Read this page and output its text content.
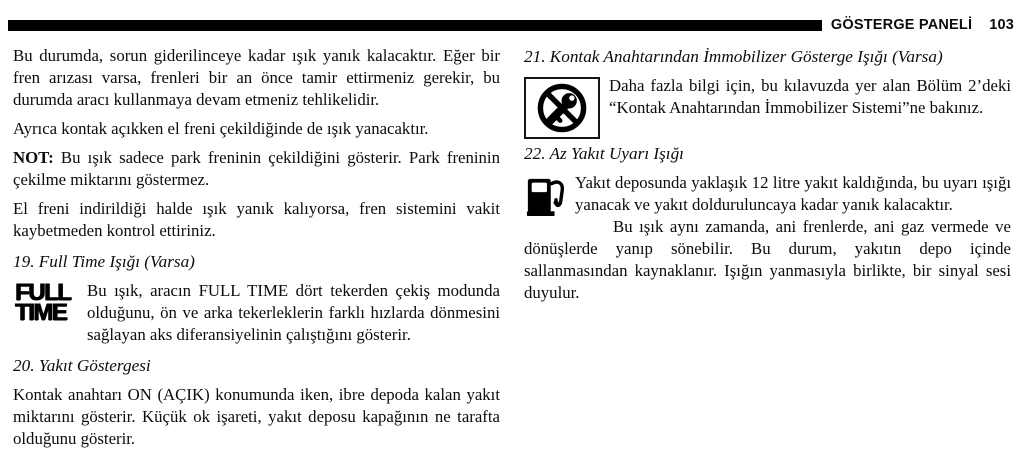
GÖSTERGE PANELİ 103

Bu durumda, sorun giderilinceye kadar ışık yanık kalacaktır. Eğer bir fren arızası varsa, frenleri bir an önce tamir ettirmeniz gerekir, bu durumda aracı kullanmaya devam etmeniz tehlikelidir.

Ayrıca kontak açıkken el freni çekildiğinde de ışık yanacaktır.

NOT: Bu ışık sadece park freninin çekildiğini gösterir. Park freninin çekilme miktarını göstermez.

El freni indirildiği halde ışık yanık kalıyorsa, fren sistemini vakit kaybetmeden kontrol ettiriniz.

19. Full Time Işığı (Varsa)
FULL
TIME

Bu ışık, aracın FULL TIME dört tekerden çekiş modunda olduğunu, ön ve arka tekerleklerin farklı hızlarda dönmesini sağlayan aks diferansiyelinin çalıştığını gösterir.

20. Yakıt Göstergesi

Kontak anahtarı ON (AÇIK) konumunda iken, ibre depoda kalan yakıt miktarını gösterir. Küçük ok işareti, yakıt deposu kapağının ne tarafta olduğunu gösterir.

21. Kontak Anahtarından İmmobilizer Gösterge Işığı (Varsa)

Daha fazla bilgi için, bu kılavuzda yer alan Bölüm 2’deki “Kontak Anahtarından İmmobilizer Sistemi”ne bakınız.

22. Az Yakıt Uyarı Işığı

Yakıt deposunda yaklaşık 12 litre yakıt kaldığında, bu uyarı ışığı yanacak ve yakıt dolduruluncaya kadar yanık kalacaktır.

Bu ışık aynı zamanda, ani frenlerde, ani gaz vermede ve dönüşlerde yanıp sönebilir. Bu durum, yakıtın depo içinde sallanmasından kaynaklanır. Işığın yanmasıyla birlikte, bir sinyal sesi duyulur.
